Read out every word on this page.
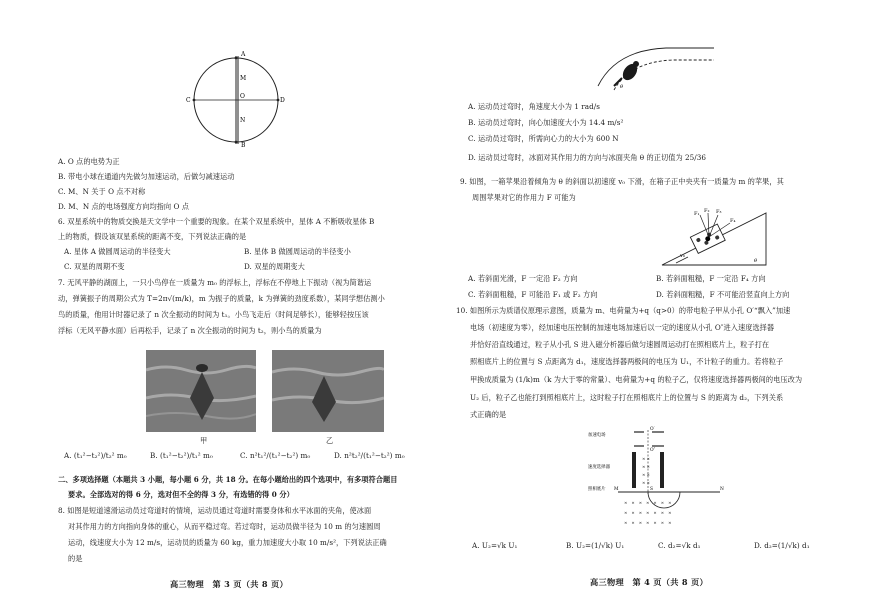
A
B
C	D
M
N
O
A. O 点的电势为正
B. 带电小球在通道内先做匀加速运动，后做匀减速运动
C. M、N 关于 O 点不对称
D. M、N 点的电场强度方向均指向 O 点
6. 双星系统中的物质交换是天文学中一个重要的现象。在某个双星系统中，星体 A 不断吸收星体 B
上的物质，假设该双星系统的距离不变，下列说法正确的是
A. 星体 A 做圆周运动的半径变大	B. 星体 B 做圆周运动的半径变小
C. 双星的周期不变	D. 双星的周期变大
7. 无风平静的湖面上，一只小鸟停在一质量为 m₀ 的浮标上，浮标在不停地上下振动（视为简谐运
动，弹簧振子的周期公式为 T=2π√(m/k)，m 为振子的质量，k 为弹簧的劲度系数），某同学想估测小
鸟的质量，他用计时器记录了 n 次全振动的时间为 t₁。小鸟飞走后（时间足够长），能够轻按压该
浮标（无风平静水面）后再松手，记录了 n 次全振动的时间为 t₂，则小鸟的质量为
甲	乙
A. (t₁²−t₂²)/t₂² m₀	B. (t₁²−t₂²)/t₁² m₀	C. n²t₁²/(t₁²−t₂²) m₀	D. n²t₂²/(t₁²−t₂²) m₀
二、多项选择题（本题共 3 小题，每小题 6 分，共 18 分。在每小题给出的四个选项中，有多项符合题目
要求。全部选对的得 6 分，选对但不全的得 3 分，有选错的得 0 分）
8. 如图是短道速滑运动员过弯道时的情境，运动员通过弯道时需要身体和水平冰面的夹角，使冰面
对其作用力的方向指向身体的重心，从而平稳过弯。若过弯时，运动员做半径为 10 m 的匀速圆周
运动，线速度大小为 12 m/s，运动员的质量为 60 kg，重力加速度大小取 10 m/s²，下列说法正确
的是
高三物理　第 3 页（共 8 页）
θ
A. 运动员过弯时，角速度大小为 1 rad/s
B. 运动员过弯时，向心加速度大小为 14.4 m/s²
C. 运动员过弯时，所需向心力的大小为 600 N
D. 运动员过弯时，冰面对其作用力的方向与冰面夹角 θ 的正切值为 25/36
9. 如图，一箱苹果沿着倾角为 θ 的斜面以初速度 v₀ 下滑，在箱子正中央夹有一质量为 m 的苹果，其
周围苹果对它的作用力 F 可能为
F₁ F₂ F₃
F₄
v₀
θ
A. 若斜面光滑，F 一定沿 F₂ 方向	B. 若斜面粗糙，F 一定沿 F₄ 方向
C. 若斜面粗糙，F 可能沿 F₁ 或 F₂ 方向	D. 若斜面粗糙，F 不可能沿竖直向上方向
10. 如图所示为质谱仪原理示意图，质量为 m、电荷量为+q（q>0）的带电粒子甲从小孔 O′“飘入”加速
电场（初速度为零），经加速电压控制的加速电场加速后以一定的速度从小孔 O″进入速度选择器
并恰好沿直线通过，粒子从小孔 S 进入磁分析器后做匀速圆周运动打在照相底片上，粒子打在
照相底片上的位置与 S 点距离为 d₁，速度选择器两极间的电压为 U₁，不计粒子的重力。若将粒子
甲换成质量为 (1/k)m（k 为大于零的常量）、电荷量为+q 的粒子乙，仅将速度选择器两极间的电压改为
U₂ 后，粒子乙也能打到照相底片上，这时粒子打在照相底片上的位置与 S 的距离为 d₂，下列关系
式正确的是
× ×
× ×
× ×
× ×
×　×　×　×　×　×　×
×　×　×　×　×　×　×
×　×　×　×　×　×　×
加速电场
速度选择器
照相底片
O′
O″
S
M	N
A. U₂=√k U₁	B. U₂=(1/√k) U₁	C. d₂=√k d₁	D. d₂=(1/√k) d₁
高三物理　第 4 页（共 8 页）
